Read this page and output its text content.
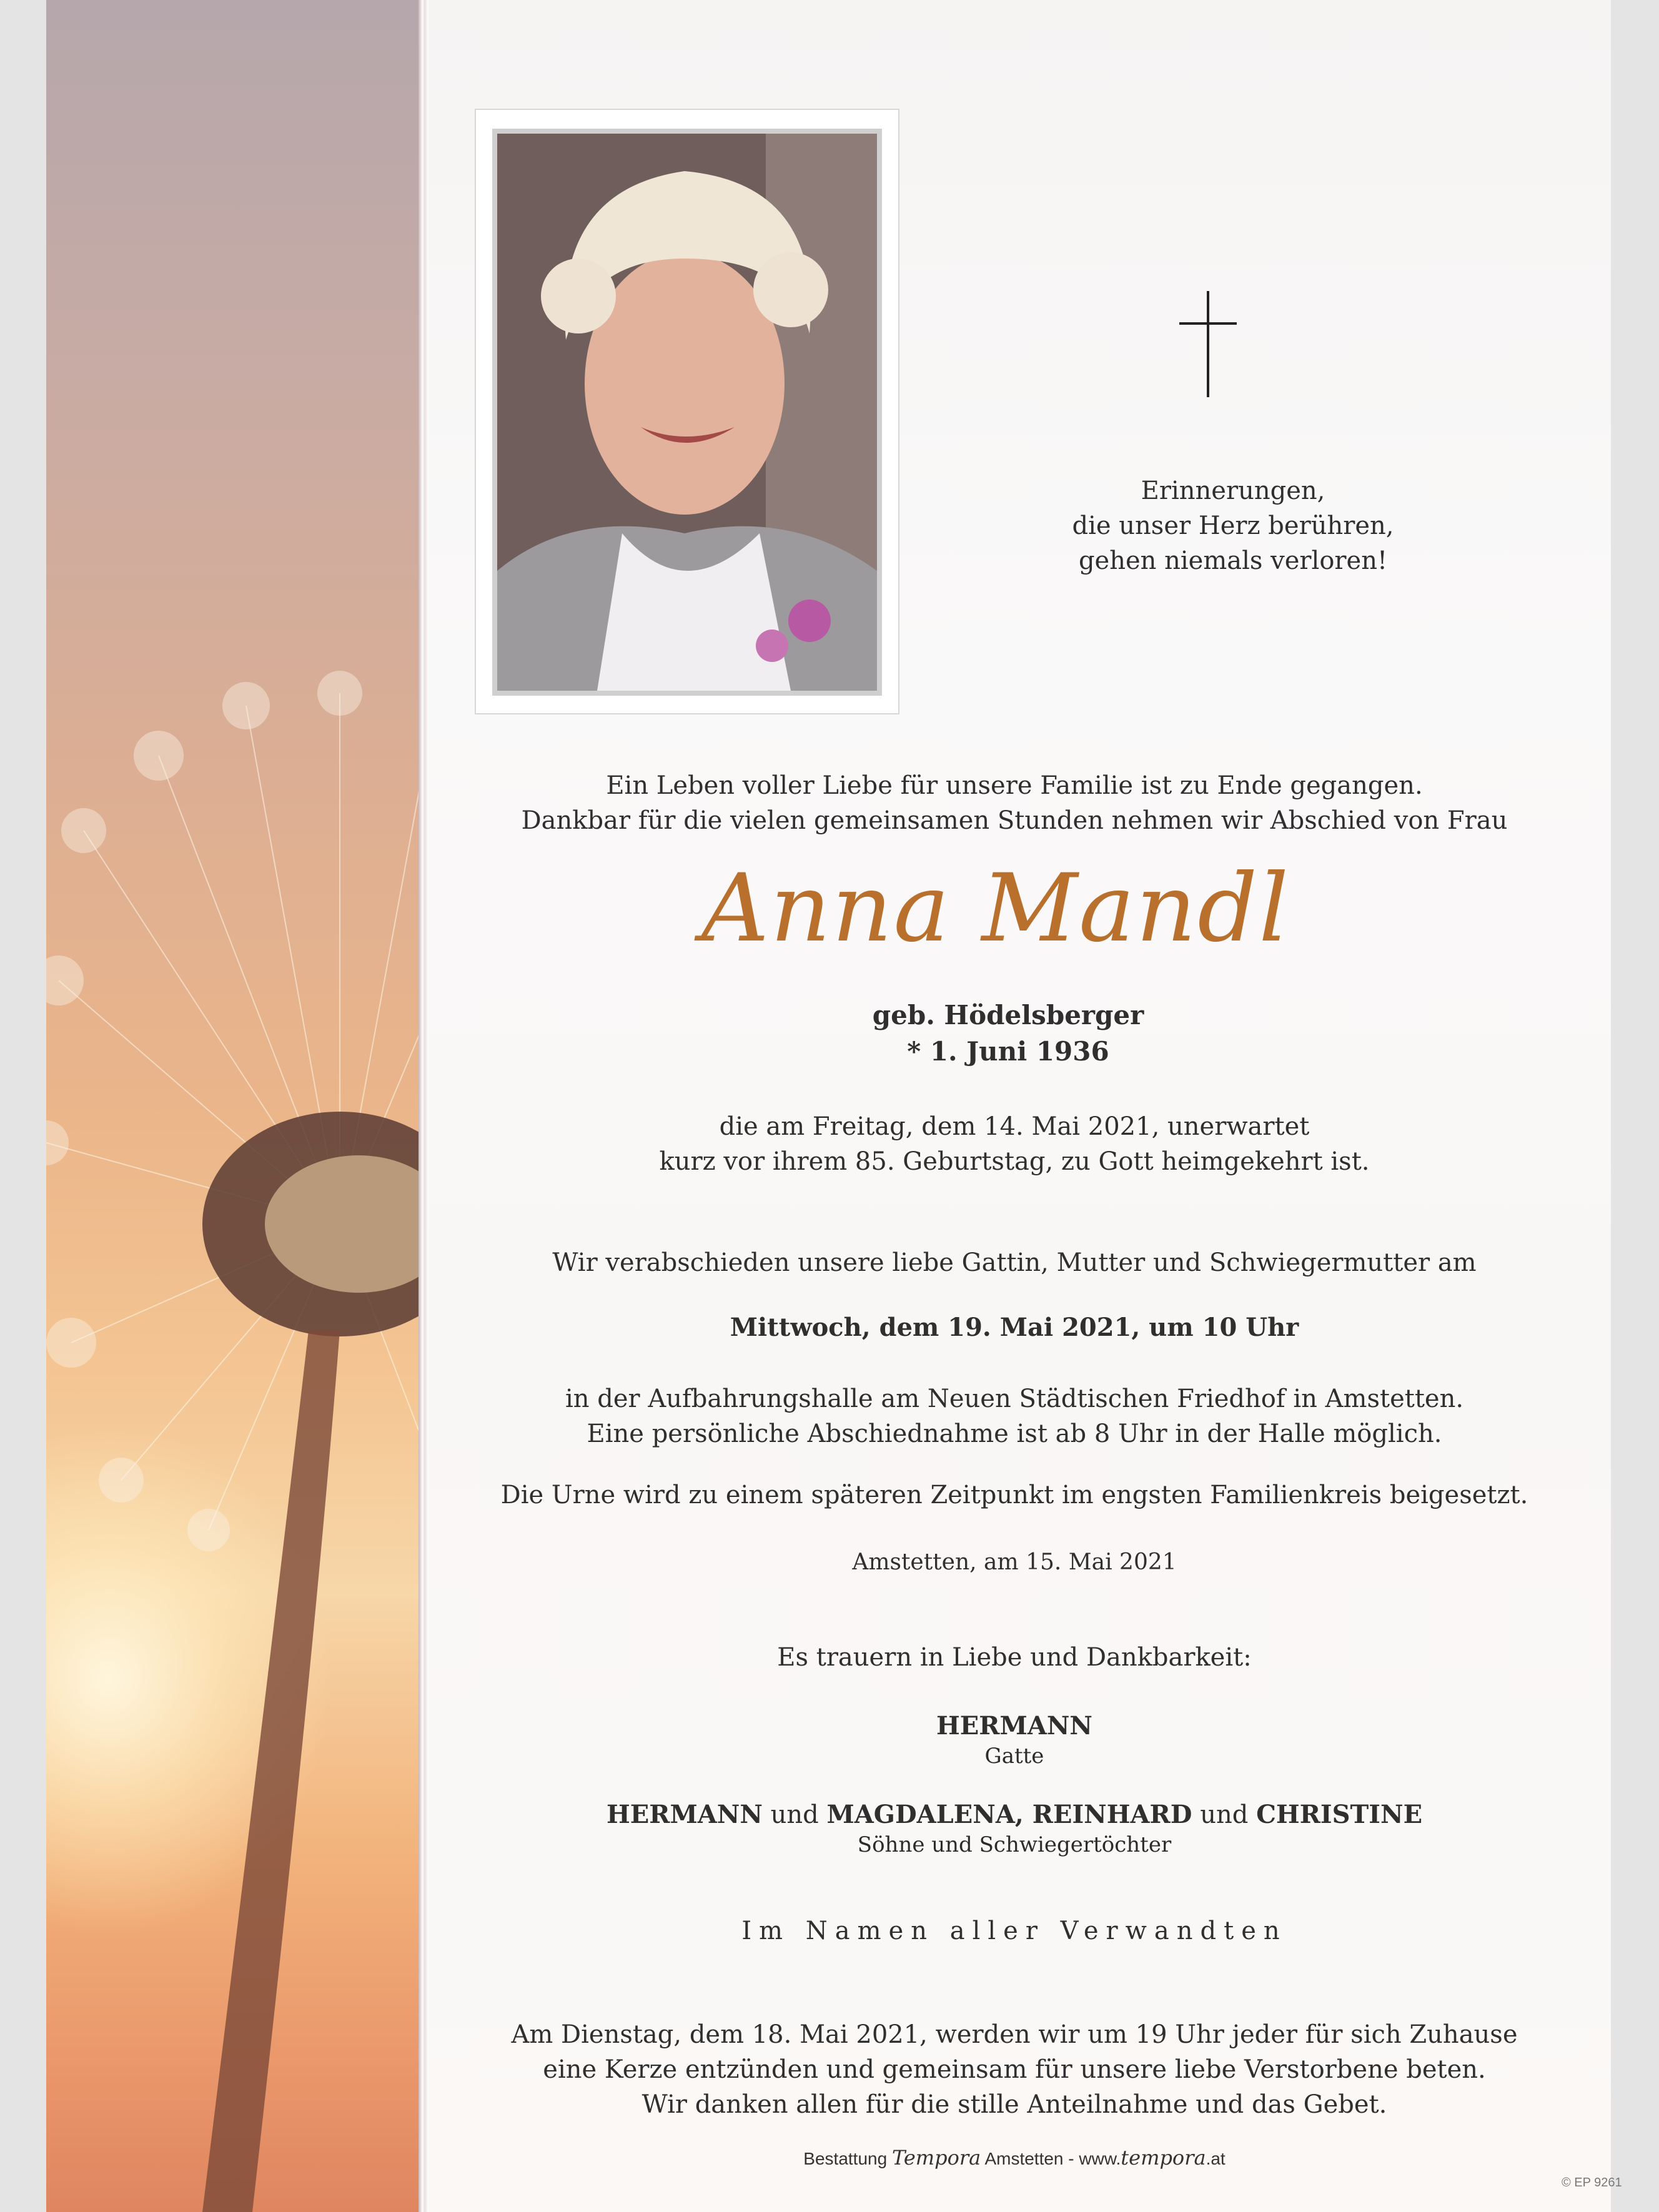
Erinnerungen,
die unser Herz berühren,
gehen niemals verloren!
Ein Leben voller Liebe für unsere Familie ist zu Ende gegangen.
Dankbar für die vielen gemeinsamen Stunden nehmen wir Abschied von Frau
Anna Mandl
geb. Hödelsberger
* 1. Juni 1936
die am Freitag, dem 14. Mai 2021, unerwartet
kurz vor ihrem 85. Geburtstag, zu Gott heimgekehrt ist.
Wir verabschieden unsere liebe Gattin, Mutter und Schwiegermutter am
Mittwoch, dem 19. Mai 2021, um 10 Uhr
in der Aufbahrungshalle am Neuen Städtischen Friedhof in Amstetten.
Eine persönliche Abschiednahme ist ab 8 Uhr in der Halle möglich.
Die Urne wird zu einem späteren Zeitpunkt im engsten Familienkreis beigesetzt.
Amstetten, am 15. Mai 2021
Es trauern in Liebe und Dankbarkeit:
HERMANN
Gatte
HERMANN und MAGDALENA, REINHARD und CHRISTINE
Söhne und Schwiegertöchter
Im Namen aller Verwandten
Am Dienstag, dem 18. Mai 2021, werden wir um 19 Uhr jeder für sich Zuhause
eine Kerze entzünden und gemeinsam für unsere liebe Verstorbene beten.
Wir danken allen für die stille Anteilnahme und das Gebet.
Bestattung Tempora Amstetten - www.tempora.at
© EP 9261
